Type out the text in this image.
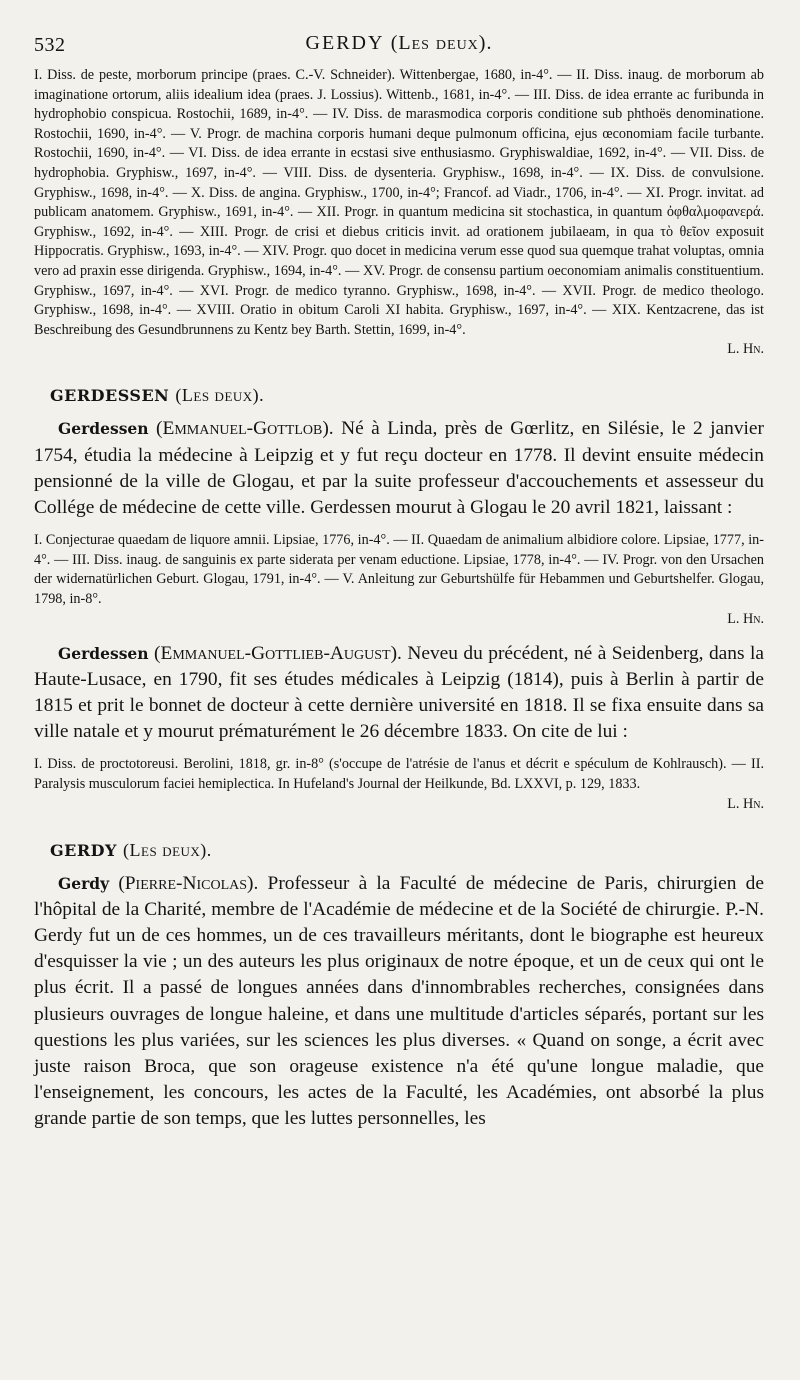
532	GERDY (Les deux).

I. Diss. de peste, morborum principe (praes. C.-V. Schneider). Wittenbergae, 1680, in-4°. — II. Diss. inaug. de morborum ab imaginatione ortorum, aliis idealium idea (praes. J. Lossius). Wittenb., 1681, in-4°. — III. Diss. de idea errante ac furibunda in hydrophobio conspicua. Rostochii, 1689, in-4°. — IV. Diss. de marasmodica corporis conditione sub phthoës denominatione. Rostochii, 1690, in-4°. — V. Progr. de machina corporis humani deque pulmonum officina, ejus œconomiam facile turbante. Rostochii, 1690, in-4°. — VI. Diss. de idea errante in ecstasi sive enthusiasmo. Gryphiswaldiae, 1692, in-4°. — VII. Diss. de hydrophobia. Gryphisw., 1697, in-4°. — VIII. Diss. de dysenteria. Gryphisw., 1698, in-4°. — IX. Diss. de convulsione. Gryphisw., 1698, in-4°. — X. Diss. de angina. Gryphisw., 1700, in-4°; Francof. ad Viadr., 1706, in-4°. — XI. Progr. invitat. ad publicam anatomem. Gryphisw., 1691, in-4°. — XII. Progr. in quantum medicina sit stochastica, in quantum ὀφθαλμοφανερά. Gryphisw., 1692, in-4°. — XIII. Progr. de crisi et diebus criticis invit. ad orationem jubilaeam, in qua τὸ θεῖον exposuit Hippocratis. Gryphisw., 1693, in-4°. — XIV. Progr. quo docet in medicina verum esse quod sua quemque trahat voluptas, omnia vero ad praxin esse dirigenda. Gryphisw., 1694, in-4°. — XV. Progr. de consensu partium oeconomiam animalis constituentium. Gryphisw., 1697, in-4°. — XVI. Progr. de medico tyranno. Gryphisw., 1698, in-4°. — XVII. Progr. de medico theologo. Gryphisw., 1698, in-4°. — XVIII. Oratio in obitum Caroli XI habita. Gryphisw., 1697, in-4°. — XIX. Kentzacrene, das ist Beschreibung des Gesundbrunnens zu Kentz bey Barth. Stettin, 1699, in-4°.

L. Hn.

GERDESSEN (Les deux).

Gerdessen (Emmanuel-Gottlob). Né à Linda, près de Gœrlitz, en Silésie, le 2 janvier 1754, étudia la médecine à Leipzig et y fut reçu docteur en 1778. Il devint ensuite médecin pensionné de la ville de Glogau, et par la suite professeur d'accouchements et assesseur du Collége de médecine de cette ville. Gerdessen mourut à Glogau le 20 avril 1821, laissant :

I. Conjecturae quaedam de liquore amnii. Lipsiae, 1776, in-4°. — II. Quaedam de animalium albidiore colore. Lipsiae, 1777, in-4°. — III. Diss. inaug. de sanguinis ex parte siderata per venam eductione. Lipsiae, 1778, in-4°. — IV. Progr. von den Ursachen der widernatürlichen Geburt. Glogau, 1791, in-4°. — V. Anleitung zur Geburtshülfe für Hebammen und Geburtshelfer. Glogau, 1798, in-8°.

L. Hn.

Gerdessen (Emmanuel-Gottlieb-August). Neveu du précédent, né à Seidenberg, dans la Haute-Lusace, en 1790, fit ses études médicales à Leipzig (1814), puis à Berlin à partir de 1815 et prit le bonnet de docteur à cette dernière université en 1818. Il se fixa ensuite dans sa ville natale et y mourut prématurément le 26 décembre 1833. On cite de lui :

I. Diss. de proctotoreusi. Berolini, 1818, gr. in-8° (s'occupe de l'atrésie de l'anus et décrit e spéculum de Kohlrausch). — II. Paralysis musculorum faciei hemiplectica. In Hufeland's Journal der Heilkunde, Bd. LXXVI, p. 129, 1833.

L. Hn.

GERDY (Les deux).

Gerdy (Pierre-Nicolas). Professeur à la Faculté de médecine de Paris, chirurgien de l'hôpital de la Charité, membre de l'Académie de médecine et de la Société de chirurgie. P.-N. Gerdy fut un de ces hommes, un de ces travailleurs méritants, dont le biographe est heureux d'esquisser la vie ; un des auteurs les plus originaux de notre époque, et un de ceux qui ont le plus écrit. Il a passé de longues années dans d'innombrables recherches, consignées dans plusieurs ouvrages de longue haleine, et dans une multitude d'articles séparés, portant sur les questions les plus variées, sur les sciences les plus diverses. « Quand on songe, a écrit avec juste raison Broca, que son orageuse existence n'a été qu'une longue maladie, que l'enseignement, les concours, les actes de la Faculté, les Académies, ont absorbé la plus grande partie de son temps, que les luttes personnelles, les
